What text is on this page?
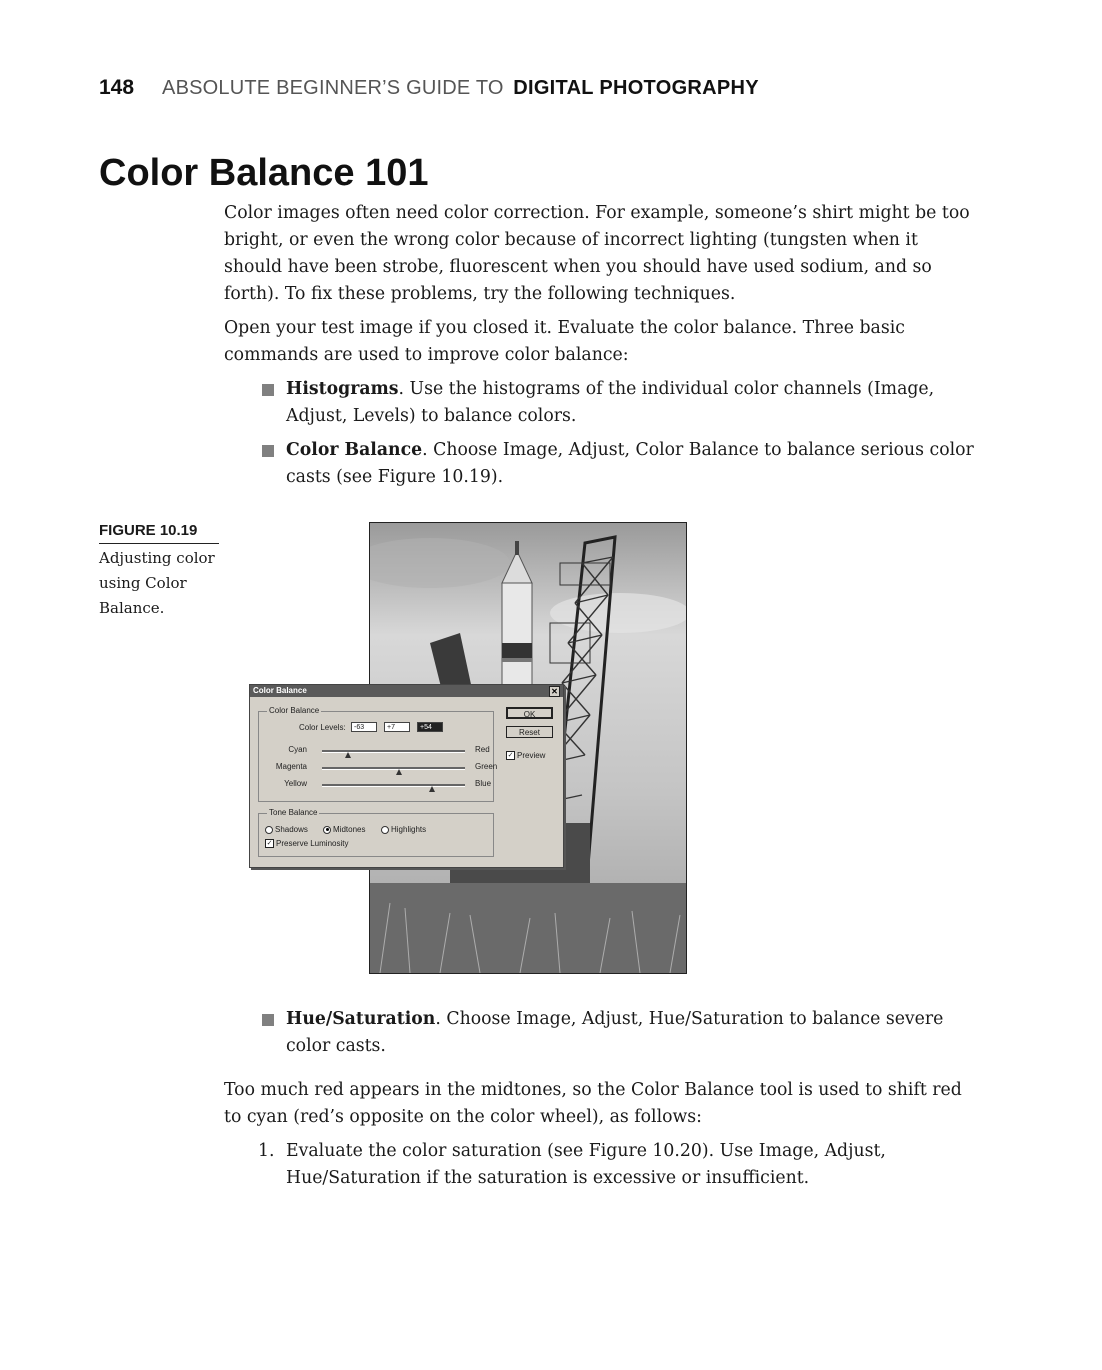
148 ABSOLUTE BEGINNER’S GUIDE TO DIGITAL PHOTOGRAPHY
Color Balance 101

Color images often need color correction. For example, someone’s shirt might be too bright, or even the wrong color because of incorrect lighting (tungsten when it should have been strobe, fluorescent when you should have used sodium, and so forth). To fix these problems, try the following techniques.

Open your test image if you closed it. Evaluate the color balance. Three basic commands are used to improve color balance:

Histograms. Use the histograms of the individual color channels (Image, Adjust, Levels) to balance colors.
Color Balance. Choose Image, Adjust, Color Balance to balance serious color casts (see Figure 10.19).
FIGURE 10.19
Adjusting color using Color Balance.
Color Balance	✕
Color Balance
Color Levels:	-63	+7	+54
Cyan	Red
Magenta	Green
Yellow	Blue
Tone Balance
Shadows	Midtones	Highlights
✓ Preserve Luminosity
OK
Reset
✓ Preview
Hue/Saturation. Choose Image, Adjust, Hue/Saturation to balance severe color casts.

Too much red appears in the midtones, so the Color Balance tool is used to shift red to cyan (red’s opposite on the color wheel), as follows:

1. Evaluate the color saturation (see Figure 10.20). Use Image, Adjust, Hue/Saturation if the saturation is excessive or insufficient.
